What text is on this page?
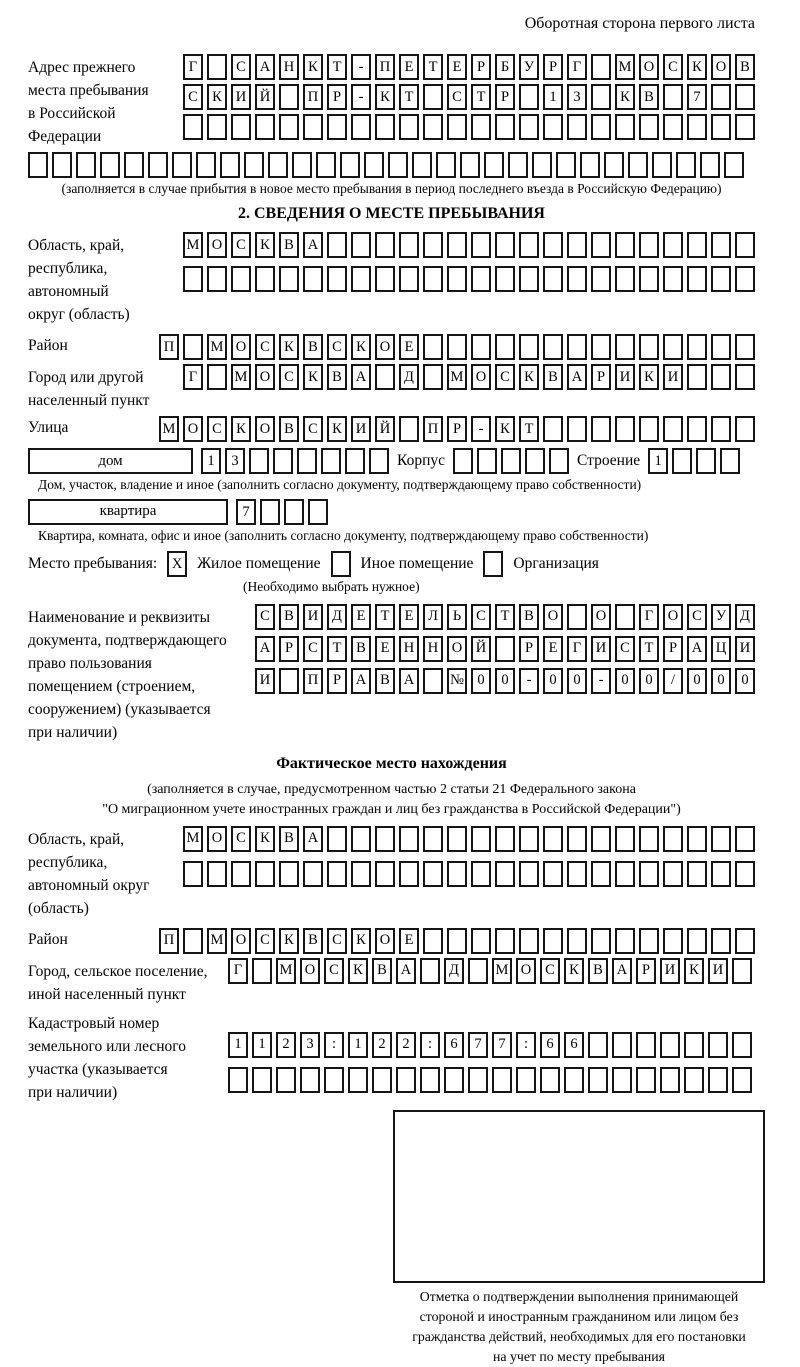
Оборотная сторона первого листа
Адрес прежнего
места пребывания
в Российской
Федерации
Г	С А Н К	Т	-	П Е	Т	Е	Р	Б	У	Р	Г	М О С К О В
С К И Й	П	Р	-	К	Т	С	Т	Р	1	3	К В	7
(заполняется в случае прибытия в новое место пребывания в период последнего въезда в Российскую Федерацию)
2. СВЕДЕНИЯ О МЕСТЕ ПРЕБЫВАНИЯ
Область, край,
республика,
автономный
округ (область)
М О С К В А
Район	П	М О С К В С К О Е
Город или другой
населенный пункт
Г	М О С К В А	Д	М О С К В А	Р	И К И
Улица	М О С К О В С К И Й	П	Р	-	К	Т
дом	1	3	Корпус	Строение 1
Дом, участок, владение и иное (заполнить согласно документу, подтверждающему право собственности)
квартира	7
Квартира, комната, офис и иное (заполнить согласно документу, подтверждающему право собственности)
Место пребывания:	X Жилое помещение	Иное помещение	Организация
(Необходимо выбрать нужное)
Наименование и реквизиты
документа, подтверждающего
право пользования
помещением (строением,
сооружением) (указывается
при наличии)
С В И Д	Е	Т	Е	Л	Ь	С	Т	В О	О	Г	О С У Д
А	Р	С	Т	В	Е Н Н О Й	Р	Е	Г	И С	Т	Р	А Ц И
И	П	Р	А В А	№ 0	0	-	0	0	-	0	0	/	0	0	0
Фактическое место нахождения
(заполняется в случае, предусмотренном частью 2 статьи 21 Федерального закона
"О миграционном учете иностранных граждан и лиц без гражданства в Российской Федерации")
Область, край,
республика,
автономный округ
(область)
М О С К В А
Район	П	М О С К В С К О Е
Город, сельское поселение,
иной населенный пункт
Г	М О С К В А	Д	М О С К В А	Р	И К И
Кадастровый номер
земельного или лесного
участка (указывается
при наличии)
1	1	2	3	:	1	2	2	:	6	7	7	:	6	6
Отметка о подтверждении выполнения принимающей
стороной и иностранным гражданином или лицом без
гражданства действий, необходимых для его постановки
на учет по месту пребывания
